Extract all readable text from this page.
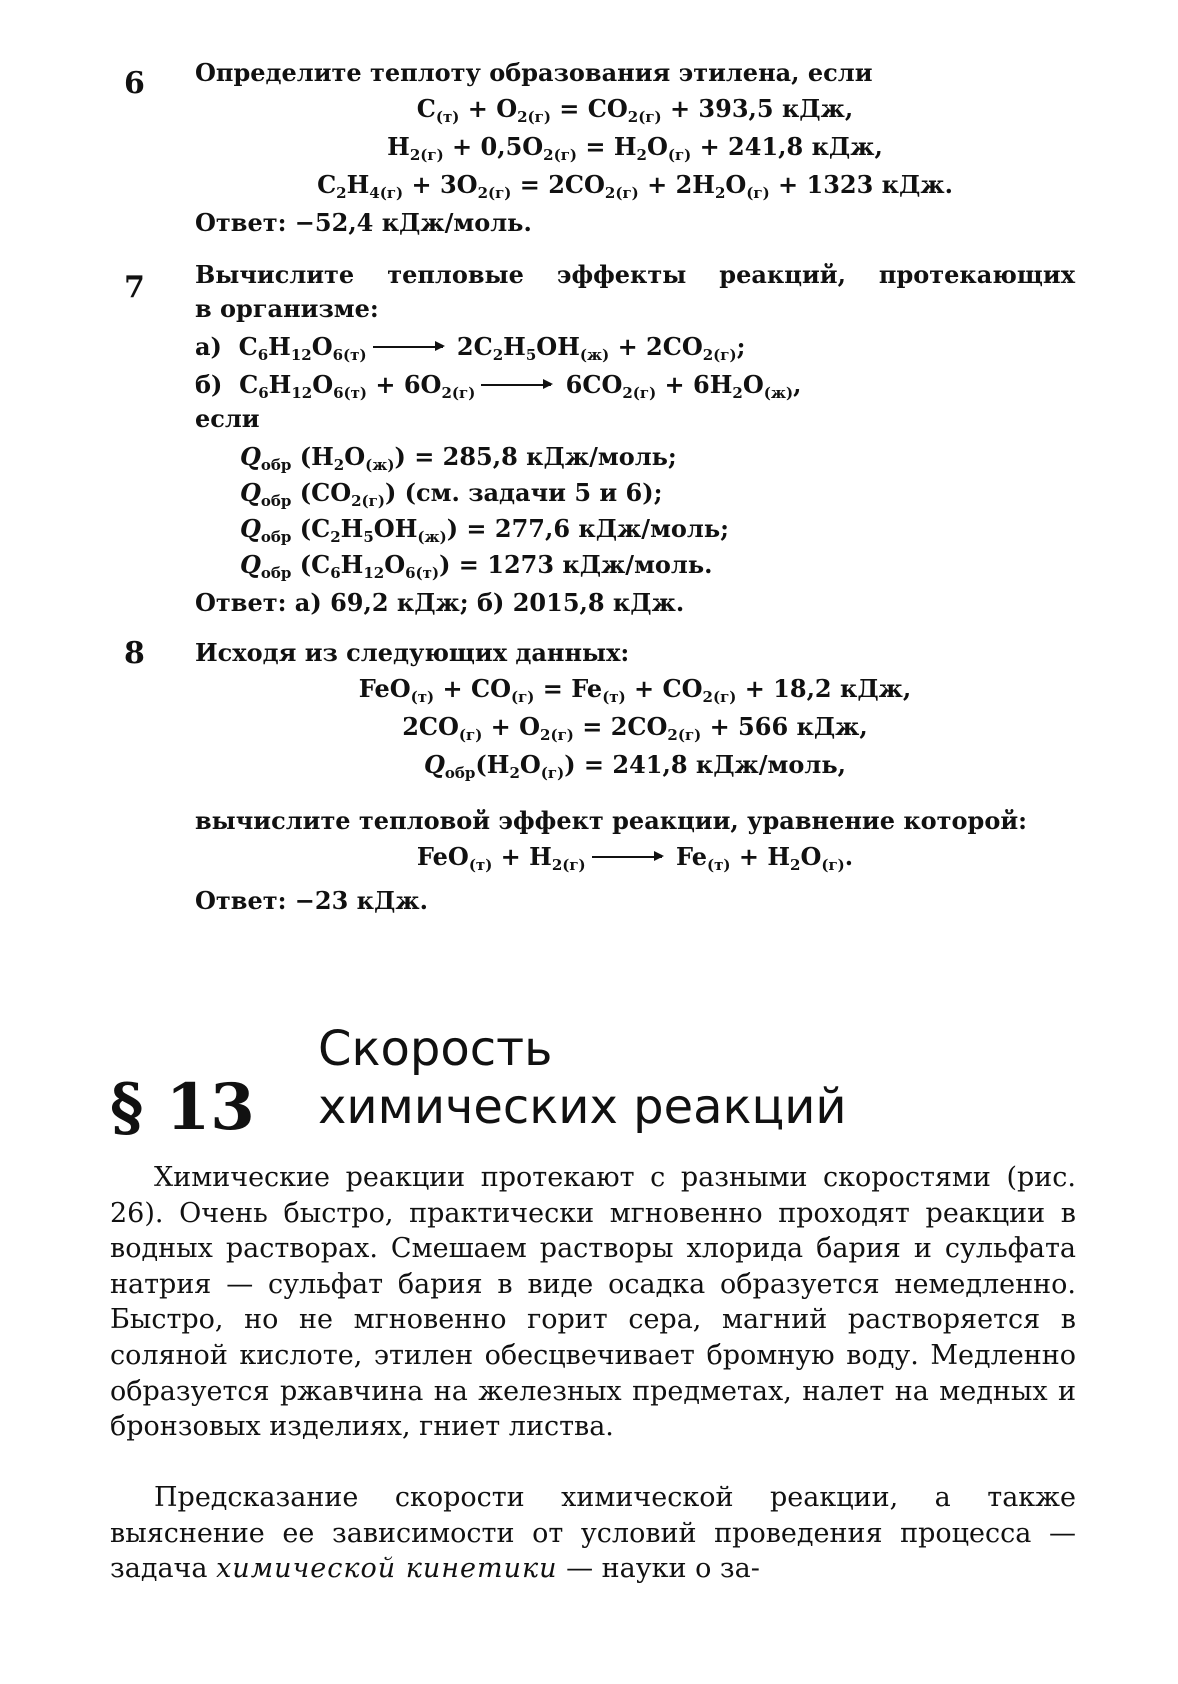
6 Определите теплоту образования этилена, если
$C_{(т)} + O_{2(г)} = CO_{2(г)} + 393,5$ кДж,
$H_{2(г)} + 0,5O_{2(г)} = H_2O_{(г)} + 241,8$ кДж,
$C_2H_{4(г)} + 3O_{2(г)} = 2CO_{2(г)} + 2H_2O_{(г)} + 1323$ кДж.
Ответ: −52,4 кДж/моль.
7 Вычислите тепловые эффекты реакций, протекающих
в организме:
а)  $C_6H_{12}O_{6(т)}$	$2C_2H_5OH_{(ж)} + 2CO_{2(г)}$;
б)  $C_6H_{12}O_{6(т)} + 6O_{2(г)}$	$6CO_{2(г)} + 6H_2O_{(ж)}$,
если
$Q_{обр}$ $(H_2O_{(ж)}) = 285,8$ кДж/моль;
$Q_{обр}$ $(CO_{2(г)})$ (см. задачи 5 и 6);
$Q_{обр}$ $(C_2H_5OH_{(ж)}) = 277,6$ кДж/моль;
$Q_{обр}$ $(C_6H_{12}O_{6(т)}) = 1273$ кДж/моль.
Ответ: а) 69,2 кДж; б) 2015,8 кДж.
8 Исходя из следующих данных:
$FeO_{(т)} + CO_{(г)} = Fe_{(т)} + CO_{2(г)} + 18,2$ кДж,
$2CO_{(г)} + O_{2(г)} = 2CO_{2(г)} + 566$ кДж,
$Q_{обр}(H_2O_{(г)}) = 241,8$ кДж/моль,
вычислите тепловой эффект реакции, уравнение которой:
$FeO_{(т)} + H_{2(г)}$	$Fe_{(т)} + H_2O_{(г)}$.
Ответ: −23 кДж.
§ 13
Скорость
химических реакций
Химические реакции протекают с разными скоростями (рис. 26). Очень быстро, практически мгновенно проходят реакции в водных растворах. Смешаем растворы хлорида бария и сульфата натрия — сульфат бария в виде осадка образуется немедленно. Быстро, но не мгновенно горит сера, магний растворяется в соляной кислоте, этилен обесцвечивает бромную воду. Медленно образуется ржавчина на железных предметах, налет на медных и бронзовых изделиях, гниет листва.
Предсказание скорости химической реакции, а также выяснение ее зависимости от условий проведения процесса — задача химической кинетики — науки о за-
